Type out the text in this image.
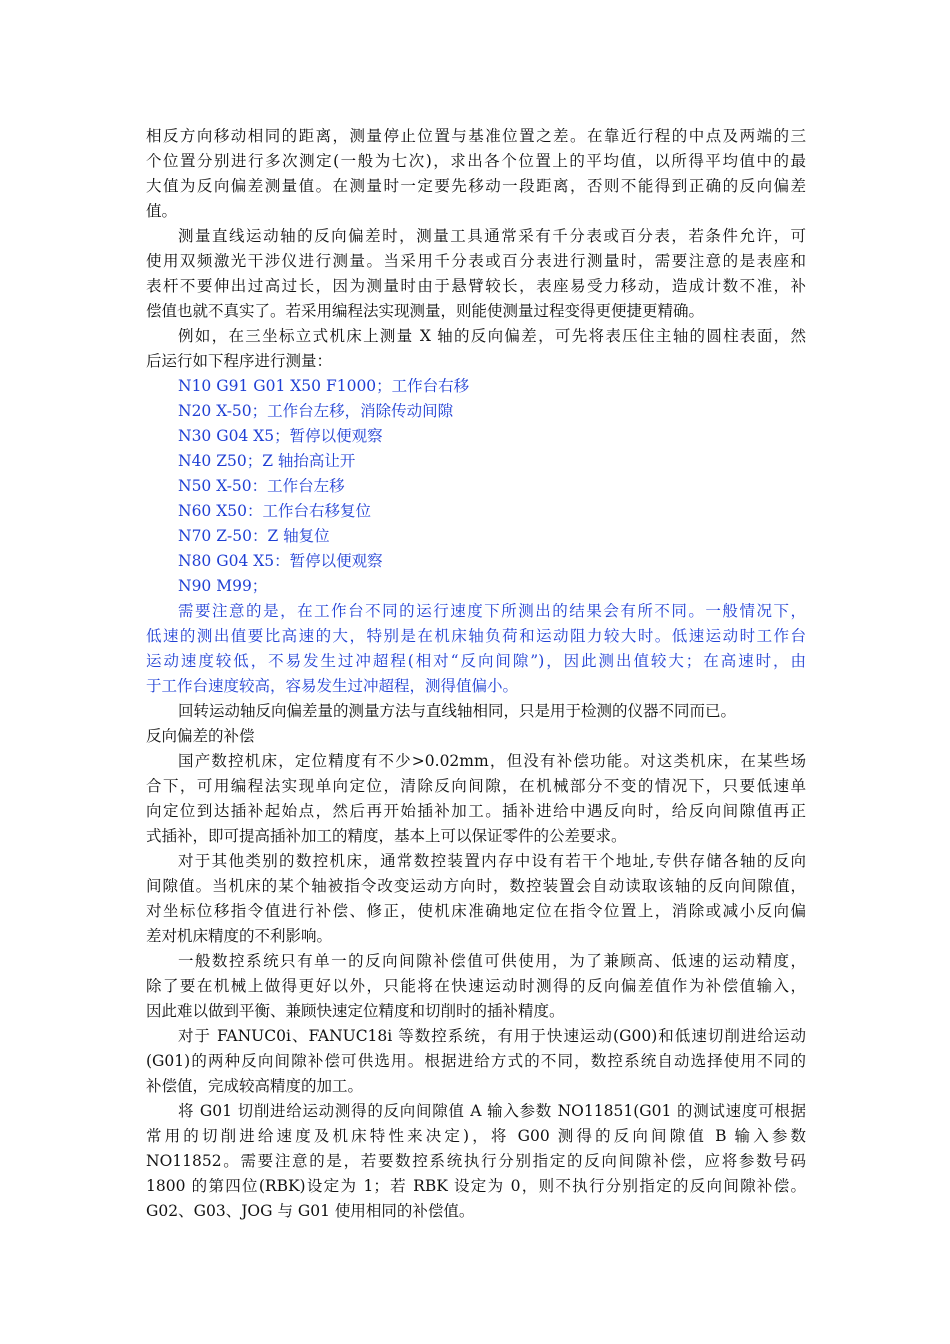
相反方向移动相同的距离，测量停止位置与基准位置之差。在靠近行程的中点及两端的三
个位置分别进行多次测定(一般为七次)，求出各个位置上的平均值，以所得平均值中的最
大值为反向偏差测量值。在测量时一定要先移动一段距离，否则不能得到正确的反向偏差
值。
测量直线运动轴的反向偏差时，测量工具通常采有千分表或百分表，若条件允许，可
使用双频激光干涉仪进行测量。当采用千分表或百分表进行测量时，需要注意的是表座和
表杆不要伸出过高过长，因为测量时由于悬臂较长，表座易受力移动，造成计数不准，补
偿值也就不真实了。若采用编程法实现测量，则能使测量过程变得更便捷更精确。
例如，在三坐标立式机床上测量 X 轴的反向偏差，可先将表压住主轴的圆柱表面，然
后运行如下程序进行测量：
N10 G91 G01 X50 F1000；工作台右移
N20 X-50；工作台左移，消除传动间隙
N30 G04 X5；暂停以便观察
N40 Z50；Z 轴抬高让开
N50 X-50：工作台左移
N60 X50：工作台右移复位
N70 Z-50：Z 轴复位
N80 G04 X5：暂停以便观察
N90 M99；
需要注意的是，在工作台不同的运行速度下所测出的结果会有所不同。一般情况下，
低速的测出值要比高速的大，特别是在机床轴负荷和运动阻力较大时。低速运动时工作台
运动速度较低，不易发生过冲超程(相对“反向间隙”)，因此测出值较大；在高速时，由
于工作台速度较高，容易发生过冲超程，测得值偏小。
回转运动轴反向偏差量的测量方法与直线轴相同，只是用于检测的仪器不同而已。
反向偏差的补偿
国产数控机床，定位精度有不少>0.02mm，但没有补偿功能。对这类机床，在某些场
合下，可用编程法实现单向定位，清除反向间隙，在机械部分不变的情况下，只要低速单
向定位到达插补起始点，然后再开始插补加工。插补进给中遇反向时，给反向间隙值再正
式插补，即可提高插补加工的精度，基本上可以保证零件的公差要求。
对于其他类别的数控机床，通常数控装置内存中设有若干个地址,专供存储各轴的反向
间隙值。当机床的某个轴被指令改变运动方向时，数控装置会自动读取该轴的反向间隙值，
对坐标位移指令值进行补偿、修正，使机床准确地定位在指令位置上，消除或减小反向偏
差对机床精度的不利影响。
一般数控系统只有单一的反向间隙补偿值可供使用，为了兼顾高、低速的运动精度，
除了要在机械上做得更好以外，只能将在快速运动时测得的反向偏差值作为补偿值输入，
因此难以做到平衡、兼顾快速定位精度和切削时的插补精度。
对于 FANUC0i、FANUC18i 等数控系统，有用于快速运动(G00)和低速切削进给运动
(G01)的两种反向间隙补偿可供选用。根据进给方式的不同，数控系统自动选择使用不同的
补偿值，完成较高精度的加工。
将 G01 切削进给运动测得的反向间隙值 A 输入参数 NO11851(G01 的测试速度可根据
常用的切削进给速度及机床特性来决定)，将 G00 测得的反向间隙值 B 输入参数
NO11852。需要注意的是，若要数控系统执行分别指定的反向间隙补偿，应将参数号码
1800 的第四位(RBK)设定为 1；若 RBK 设定为 0，则不执行分别指定的反向间隙补偿。
G02、G03、JOG 与 G01 使用相同的补偿值。
